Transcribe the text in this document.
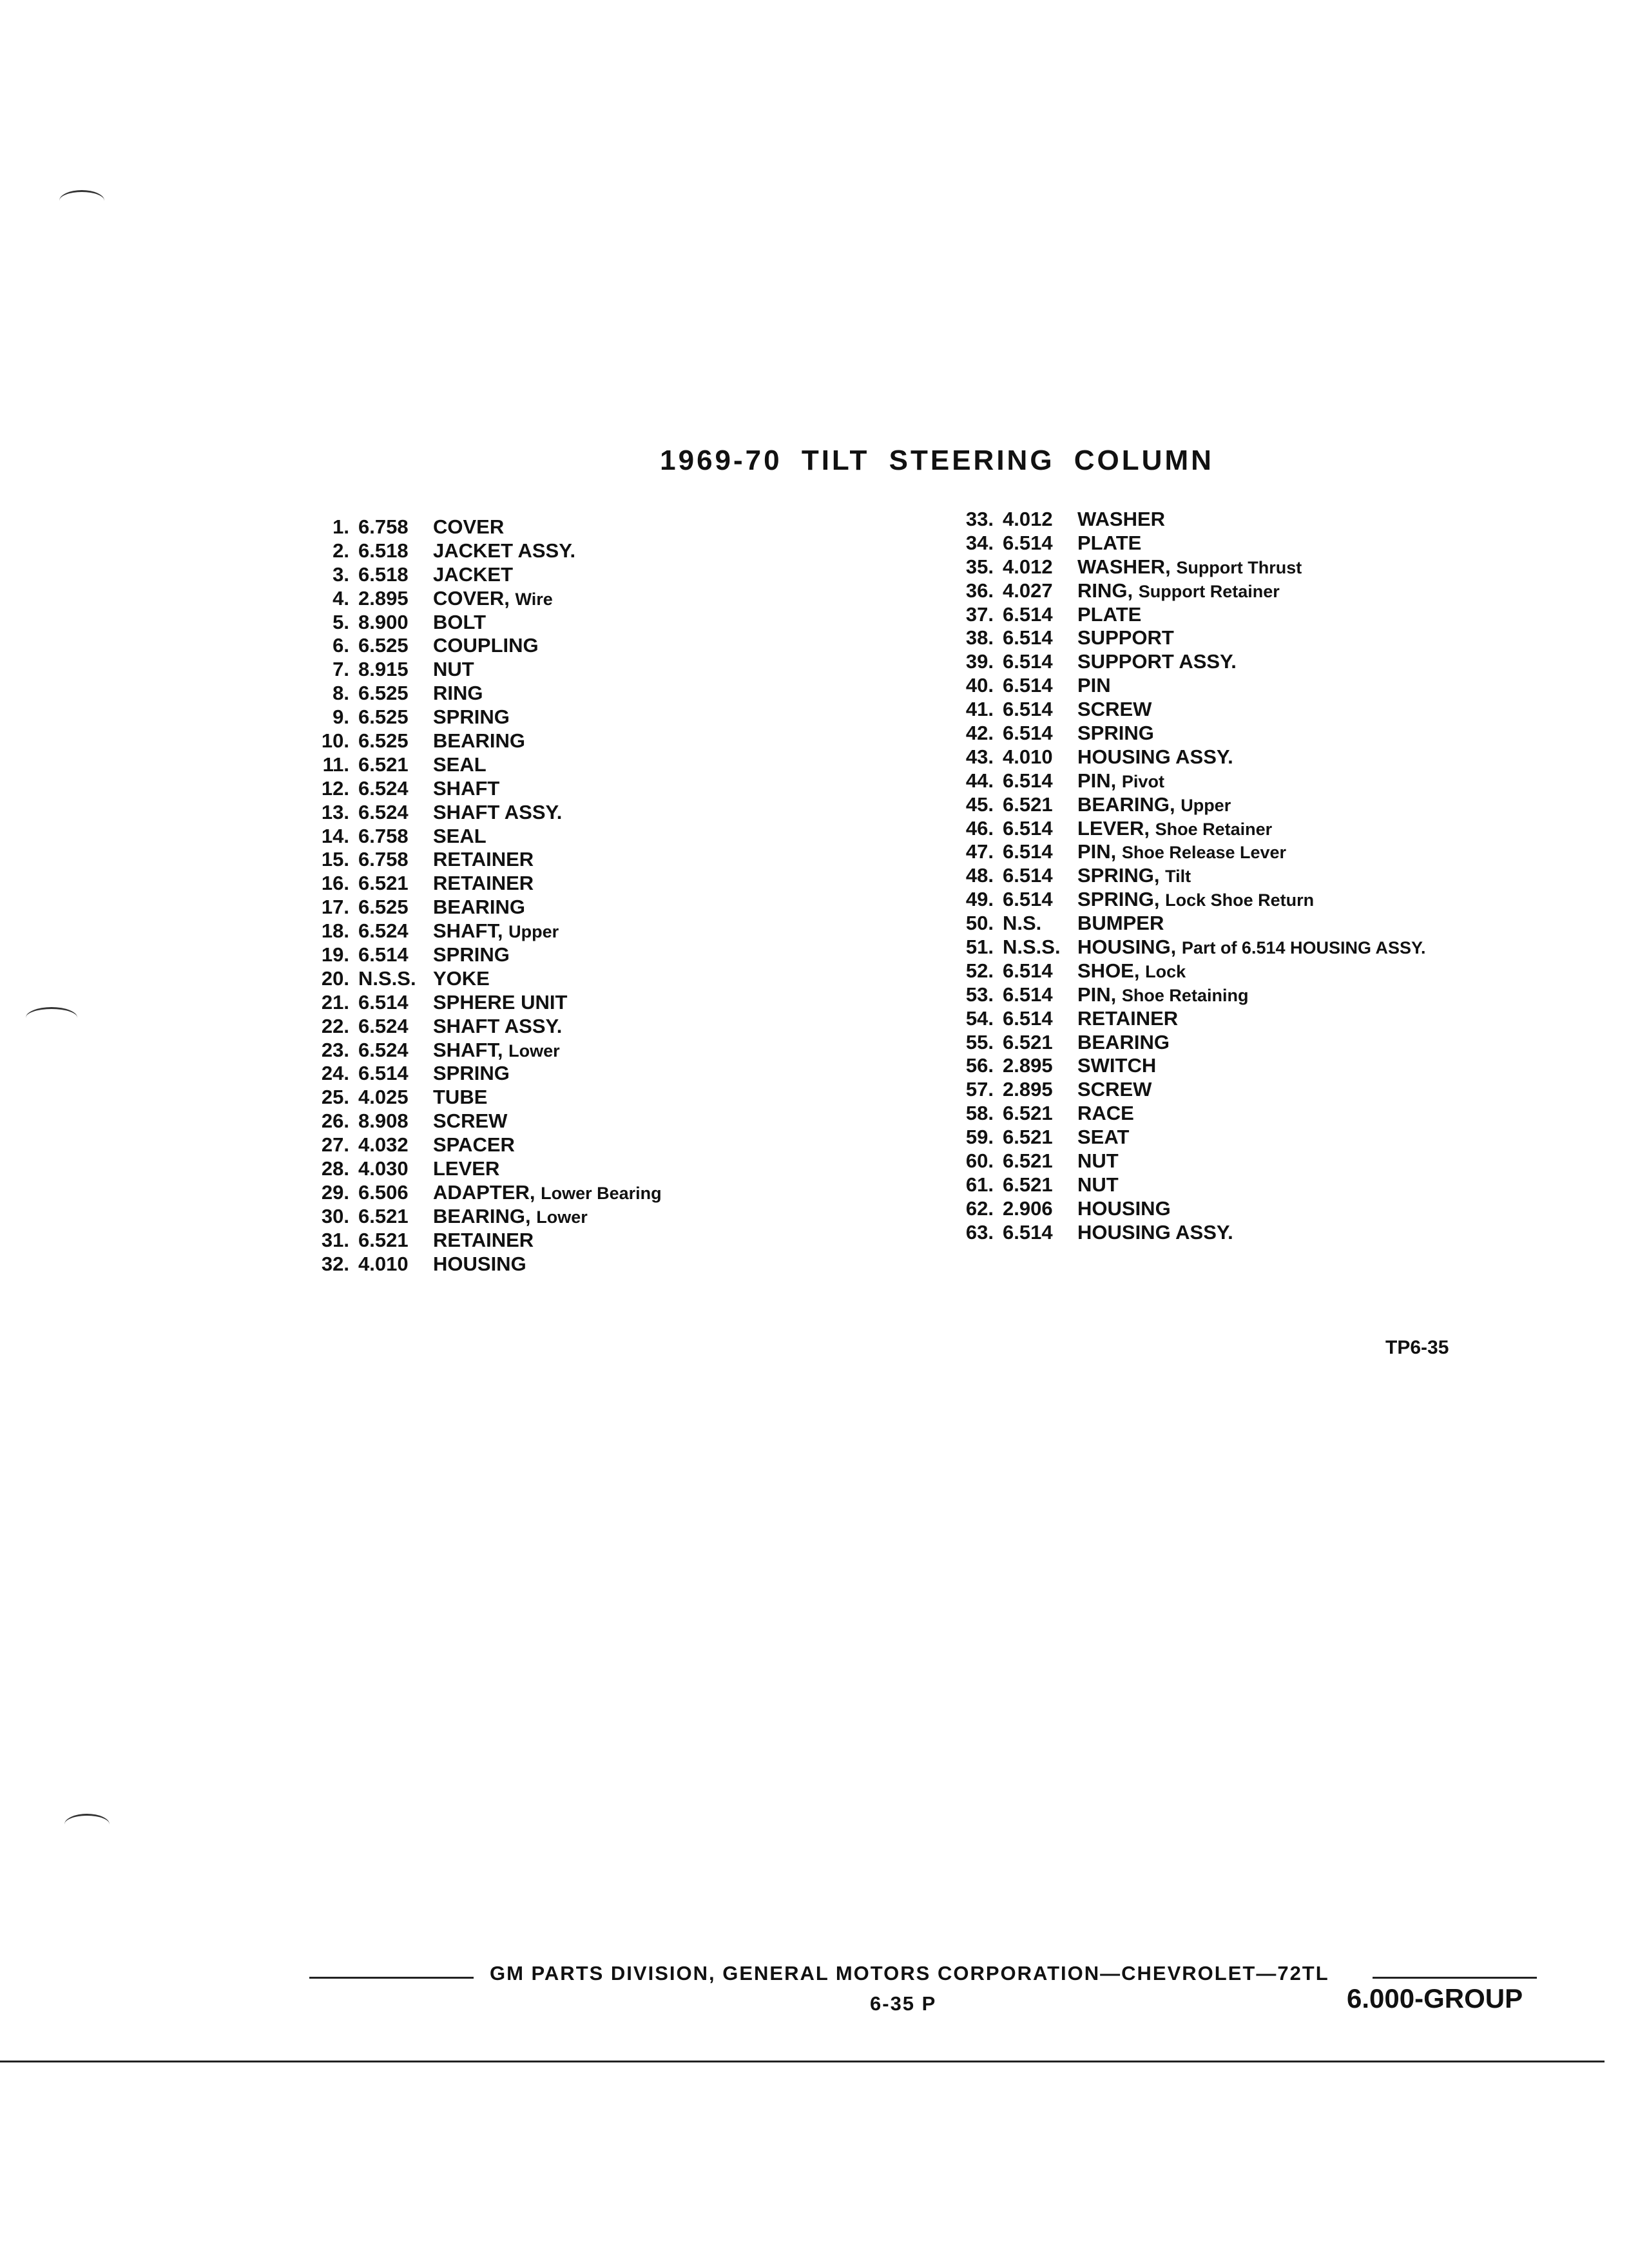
1969-70 TILT STEERING COLUMN
1. 6.758	COVER
2. 6.518	JACKET ASSY.
3. 6.518	JACKET
4. 2.895	COVER, Wire
5. 8.900	BOLT
6. 6.525	COUPLING
7. 8.915	NUT
8. 6.525	RING
9. 6.525	SPRING
10. 6.525	BEARING
11. 6.521	SEAL
12. 6.524	SHAFT
13. 6.524	SHAFT ASSY.
14. 6.758	SEAL
15. 6.758	RETAINER
16. 6.521	RETAINER
17. 6.525	BEARING
18. 6.524	SHAFT, Upper
19. 6.514	SPRING
20. N.S.S. YOKE
21. 6.514	SPHERE UNIT
22. 6.524	SHAFT ASSY.
23. 6.524	SHAFT, Lower
24. 6.514	SPRING
25. 4.025	TUBE
26. 8.908	SCREW
27. 4.032	SPACER
28. 4.030	LEVER
29. 6.506	ADAPTER, Lower Bearing
30. 6.521	BEARING, Lower
31. 6.521	RETAINER
32. 4.010	HOUSING
33. 4.012	WASHER
34. 6.514	PLATE
35. 4.012	WASHER, Support Thrust
36. 4.027	RING, Support Retainer
37. 6.514	PLATE
38. 6.514	SUPPORT
39. 6.514	SUPPORT ASSY.
40. 6.514	PIN
41. 6.514	SCREW
42. 6.514	SPRING
43. 4.010	HOUSING ASSY.
44. 6.514	PIN, Pivot
45. 6.521	BEARING, Upper
46. 6.514	LEVER, Shoe Retainer
47. 6.514	PIN, Shoe Release Lever
48. 6.514	SPRING, Tilt
49. 6.514	SPRING, Lock Shoe Return
50. N.S.	BUMPER
51. N.S.S. HOUSING, Part of 6.514 HOUSING ASSY.
52. 6.514	SHOE, Lock
53. 6.514	PIN, Shoe Retaining
54. 6.514	RETAINER
55. 6.521	BEARING
56. 2.895	SWITCH
57. 2.895	SCREW
58. 6.521	RACE
59. 6.521	SEAT
60. 6.521	NUT
61. 6.521	NUT
62. 2.906	HOUSING
63. 6.514	HOUSING ASSY.
TP6-35
GM PARTS DIVISION, GENERAL MOTORS CORPORATION—CHEVROLET—72TL
6-35 P	6.000-GROUP
